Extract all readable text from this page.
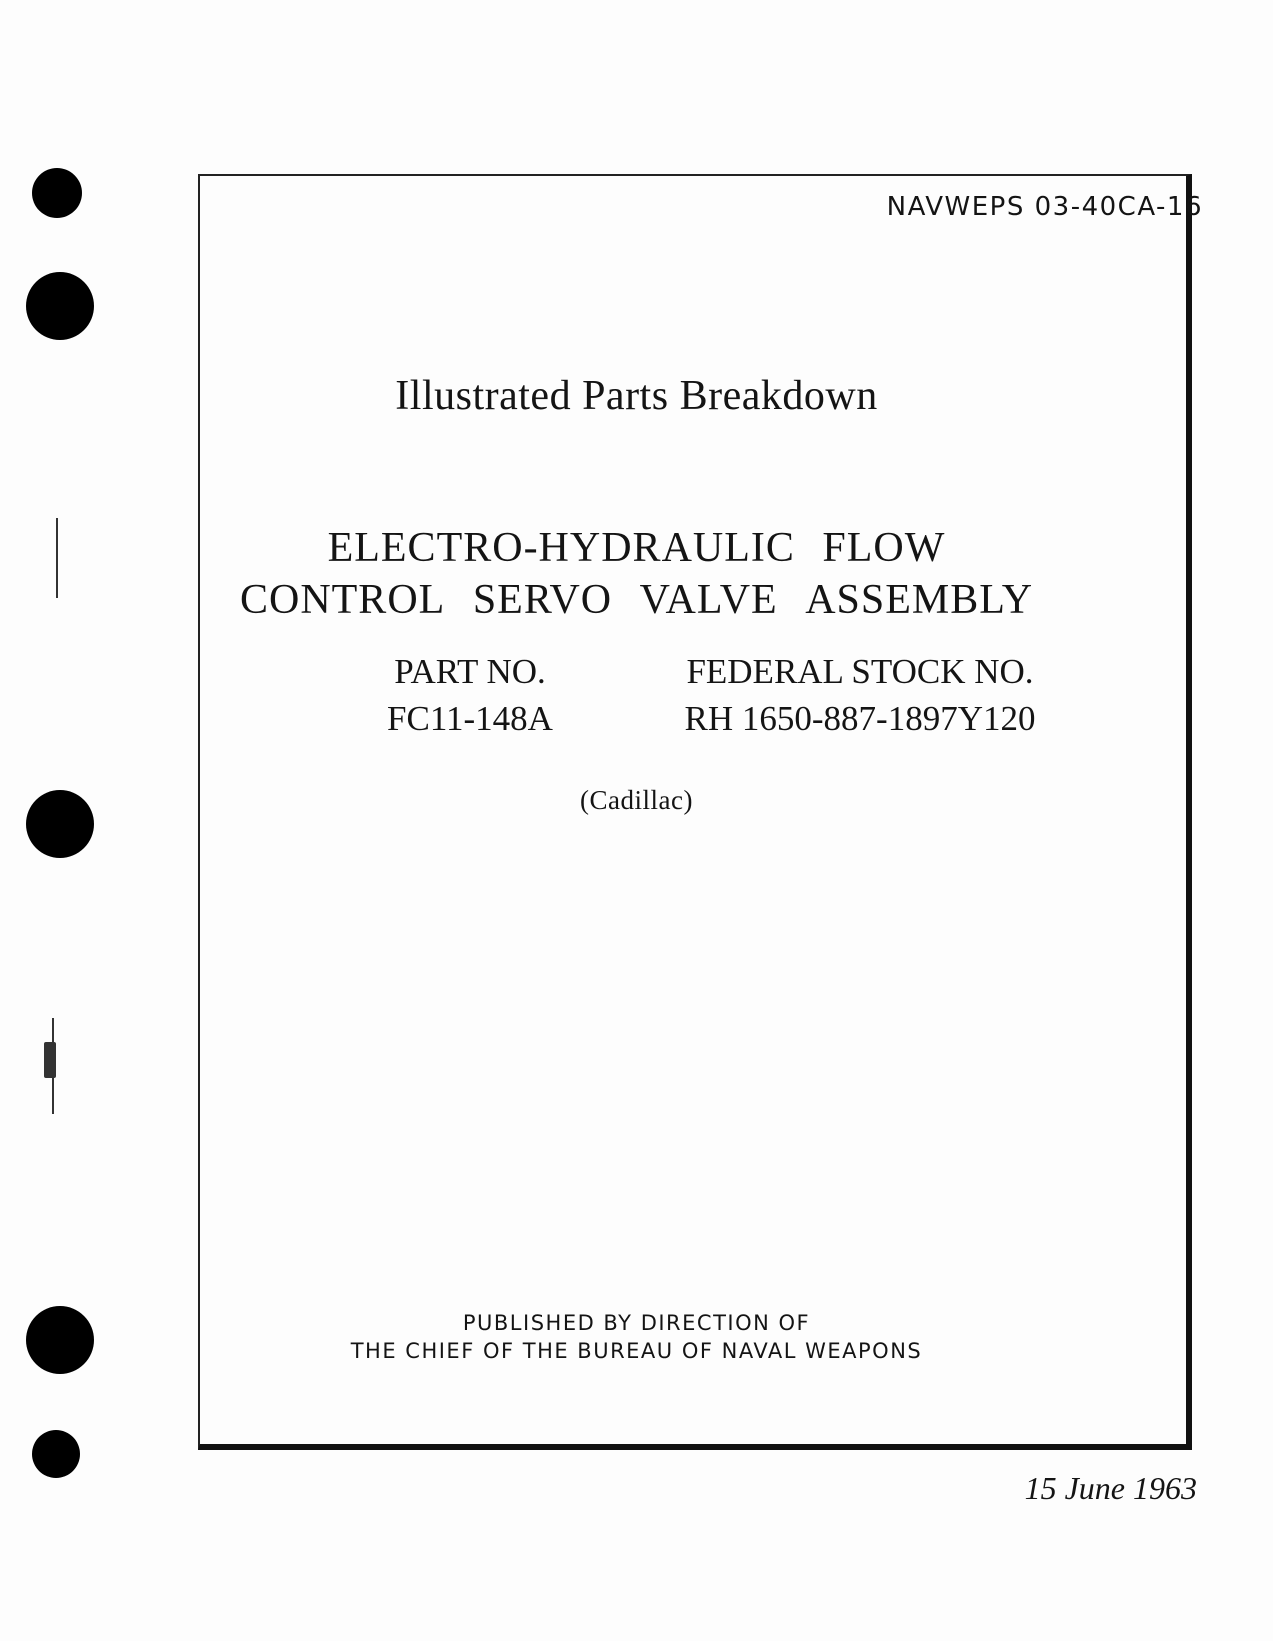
NAVWEPS 03-40CA-16
Illustrated Parts Breakdown
ELECTRO-HYDRAULIC FLOW
CONTROL SERVO VALVE ASSEMBLY
PART NO.
FC11-148A
FEDERAL STOCK NO.
RH 1650-887-1897Y120
(Cadillac)
PUBLISHED BY DIRECTION OF
THE CHIEF OF THE BUREAU OF NAVAL WEAPONS
15 June 1963
